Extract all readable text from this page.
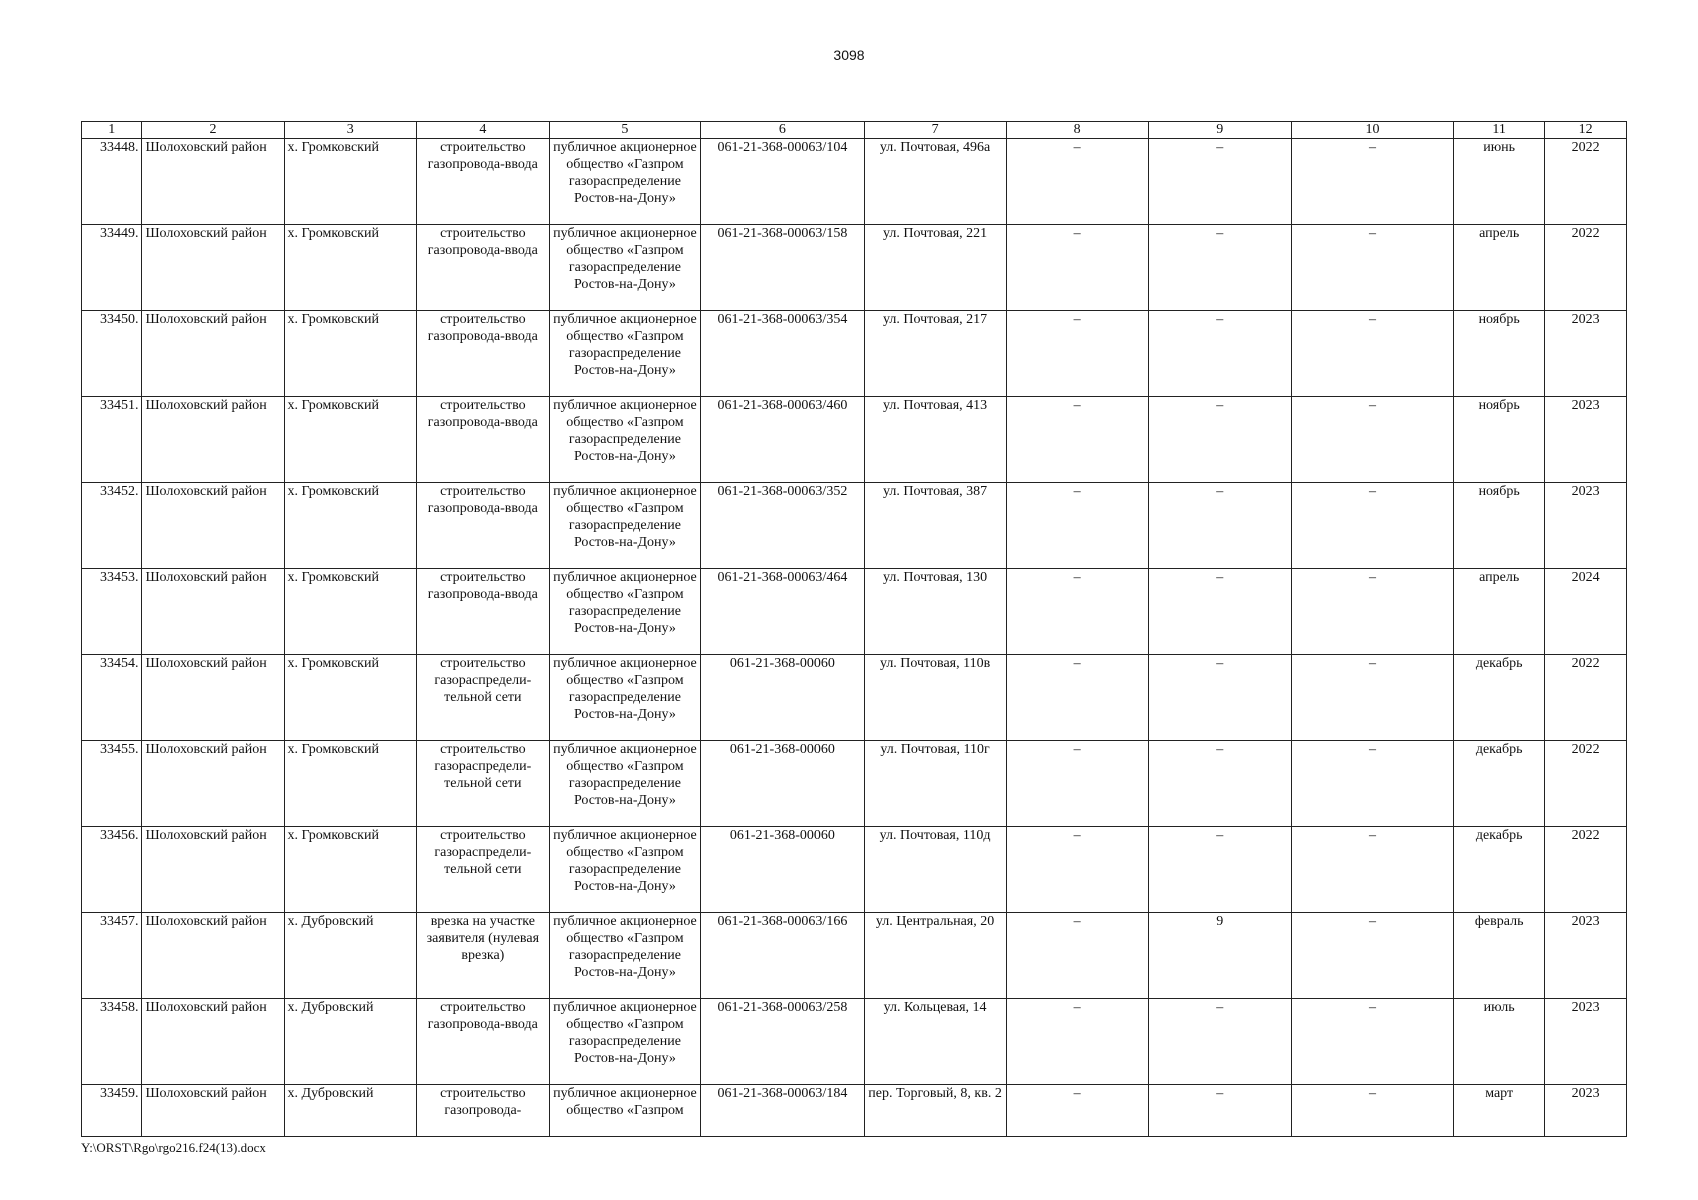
3098
1	2	3	4	5	6	7	8	9	10	11	12
33448.	Шолоховский район	х. Громковский	строительство газопровода-ввода	публичное акционерное общество «Газпром газораспределение Ростов-на-Дону»	061-21-368-00063/104	ул. Почтовая, 496а	–	–	–	июнь	2022
33449.	Шолоховский район	х. Громковский	строительство газопровода-ввода	публичное акционерное общество «Газпром газораспределение Ростов-на-Дону»	061-21-368-00063/158	ул. Почтовая, 221	–	–	–	апрель	2022
33450.	Шолоховский район	х. Громковский	строительство газопровода-ввода	публичное акционерное общество «Газпром газораспределение Ростов-на-Дону»	061-21-368-00063/354	ул. Почтовая, 217	–	–	–	ноябрь	2023
33451.	Шолоховский район	х. Громковский	строительство газопровода-ввода	публичное акционерное общество «Газпром газораспределение Ростов-на-Дону»	061-21-368-00063/460	ул. Почтовая, 413	–	–	–	ноябрь	2023
33452.	Шолоховский район	х. Громковский	строительство газопровода-ввода	публичное акционерное общество «Газпром газораспределение Ростов-на-Дону»	061-21-368-00063/352	ул. Почтовая, 387	–	–	–	ноябрь	2023
33453.	Шолоховский район	х. Громковский	строительство газопровода-ввода	публичное акционерное общество «Газпром газораспределение Ростов-на-Дону»	061-21-368-00063/464	ул. Почтовая, 130	–	–	–	апрель	2024
33454.	Шолоховский район	х. Громковский	строительство газораспредели-тельной сети	публичное акционерное общество «Газпром газораспределение Ростов-на-Дону»	061-21-368-00060	ул. Почтовая, 110в	–	–	–	декабрь	2022
33455.	Шолоховский район	х. Громковский	строительство газораспредели-тельной сети	публичное акционерное общество «Газпром газораспределение Ростов-на-Дону»	061-21-368-00060	ул. Почтовая, 110г	–	–	–	декабрь	2022
33456.	Шолоховский район	х. Громковский	строительство газораспредели-тельной сети	публичное акционерное общество «Газпром газораспределение Ростов-на-Дону»	061-21-368-00060	ул. Почтовая, 110д	–	–	–	декабрь	2022
33457.	Шолоховский район	х. Дубровский	врезка на участке заявителя (нулевая врезка)	публичное акционерное общество «Газпром газораспределение Ростов-на-Дону»	061-21-368-00063/166	ул. Центральная, 20	–	9	–	февраль	2023
33458.	Шолоховский район	х. Дубровский	строительство газопровода-ввода	публичное акционерное общество «Газпром газораспределение Ростов-на-Дону»	061-21-368-00063/258	ул. Кольцевая, 14	–	–	–	июль	2023
33459.	Шолоховский район	х. Дубровский	строительство газопровода-	публичное акционерное общество «Газпром	061-21-368-00063/184	пер. Торговый, 8, кв. 2	–	–	–	март	2023
Y:\ORST\Rgo\rgo216.f24(13).docx
